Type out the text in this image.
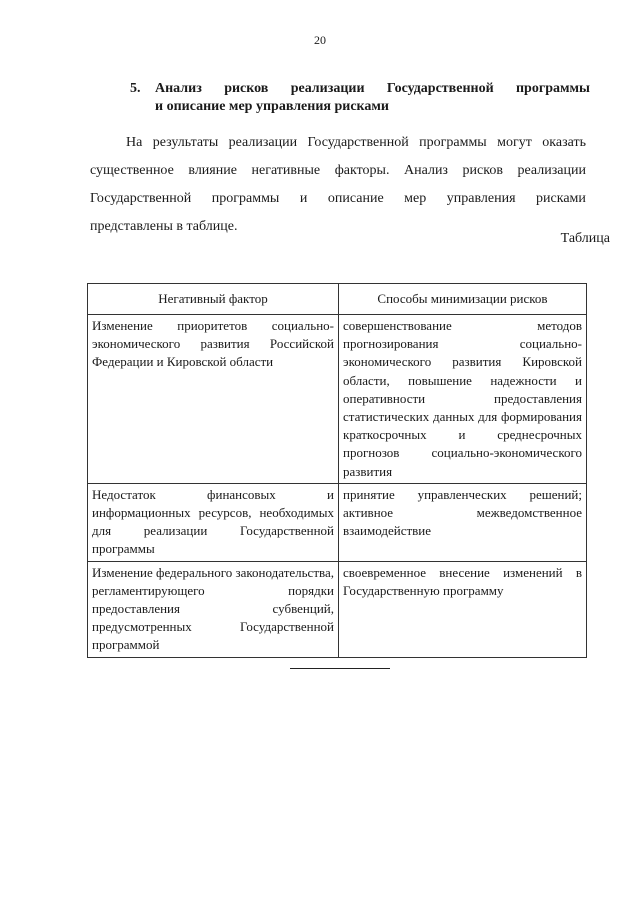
20
5. Анализ рисков реализации Государственной программы
и описание мер управления рисками
На результаты реализации Государственной программы могут оказать
существенное влияние негативные факторы. Анализ рисков реализации
Государственной программы и описание мер управления рисками
представлены в таблице.
Таблица
Негативный фактор	Способы минимизации рисков
Изменение приоритетов социально-экономического развития Российской Федерации и Кировской области	совершенствование методов прогнозирования социально-экономического развития Кировской области, повышение надежности и оперативности предоставления статистических данных для формирования краткосрочных и среднесрочных прогнозов социально-экономического развития
Недостаток финансовых и информационных ресурсов, необходимых для реализации Государственной программы	принятие управленческих решений; активное межведомственное взаимодействие
Изменение федерального законодательства, регламентирующего порядки предоставления субвенций, предусмотренных Государственной программой	своевременное внесение изменений в Государственную программу
